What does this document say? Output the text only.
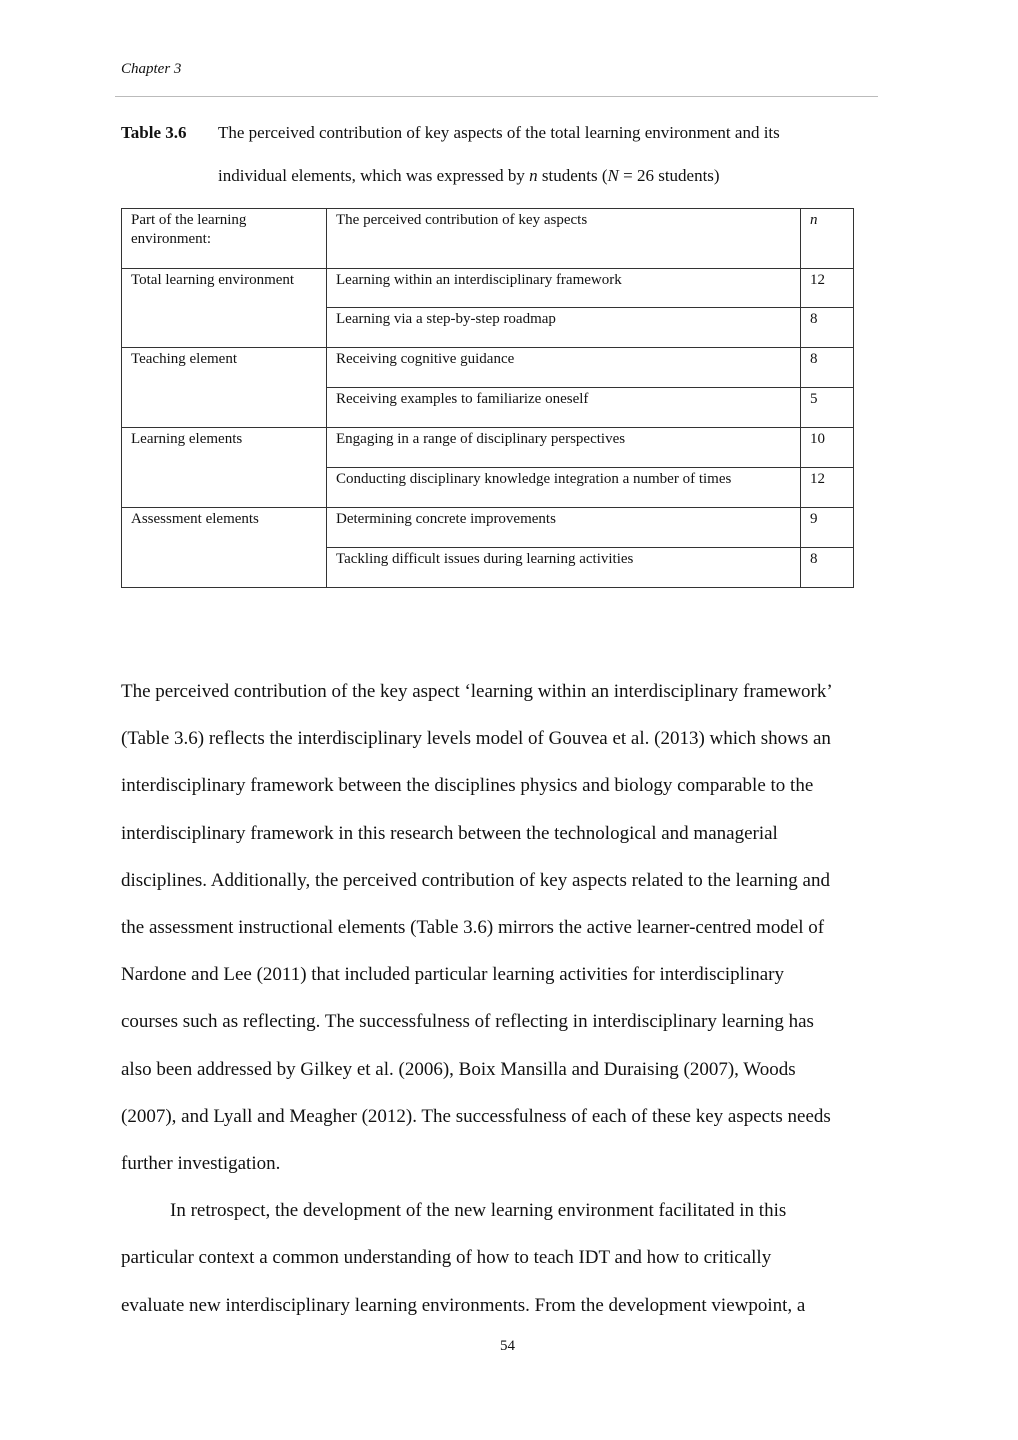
Chapter 3
Table 3.6 The perceived contribution of key aspects of the total learning environment and its
individual elements, which was expressed by n students (N = 26 students)
Part of the learning environment:	The perceived contribution of key aspects	n
Total learning environment	Learning within an interdisciplinary framework	12
	Learning via a step-by-step roadmap	8
Teaching element	Receiving cognitive guidance	8
	Receiving examples to familiarize oneself	5
Learning elements	Engaging in a range of disciplinary perspectives	10
	Conducting disciplinary knowledge integration a number of times	12
Assessment elements	Determining concrete improvements	9
	Tackling difficult issues during learning activities	8
The perceived contribution of the key aspect ‘learning within an interdisciplinary framework’
(Table 3.6) reflects the interdisciplinary levels model of Gouvea et al. (2013) which shows an
interdisciplinary framework between the disciplines physics and biology comparable to the
interdisciplinary framework in this research between the technological and managerial
disciplines. Additionally, the perceived contribution of key aspects related to the learning and
the assessment instructional elements (Table 3.6) mirrors the active learner-centred model of
Nardone and Lee (2011) that included particular learning activities for interdisciplinary
courses such as reflecting. The successfulness of reflecting in interdisciplinary learning has
also been addressed by Gilkey et al. (2006), Boix Mansilla and Duraising (2007), Woods
(2007), and Lyall and Meagher (2012). The successfulness of each of these key aspects needs
further investigation.
In retrospect, the development of the new learning environment facilitated in this
particular context a common understanding of how to teach IDT and how to critically
evaluate new interdisciplinary learning environments. From the development viewpoint, a
54
